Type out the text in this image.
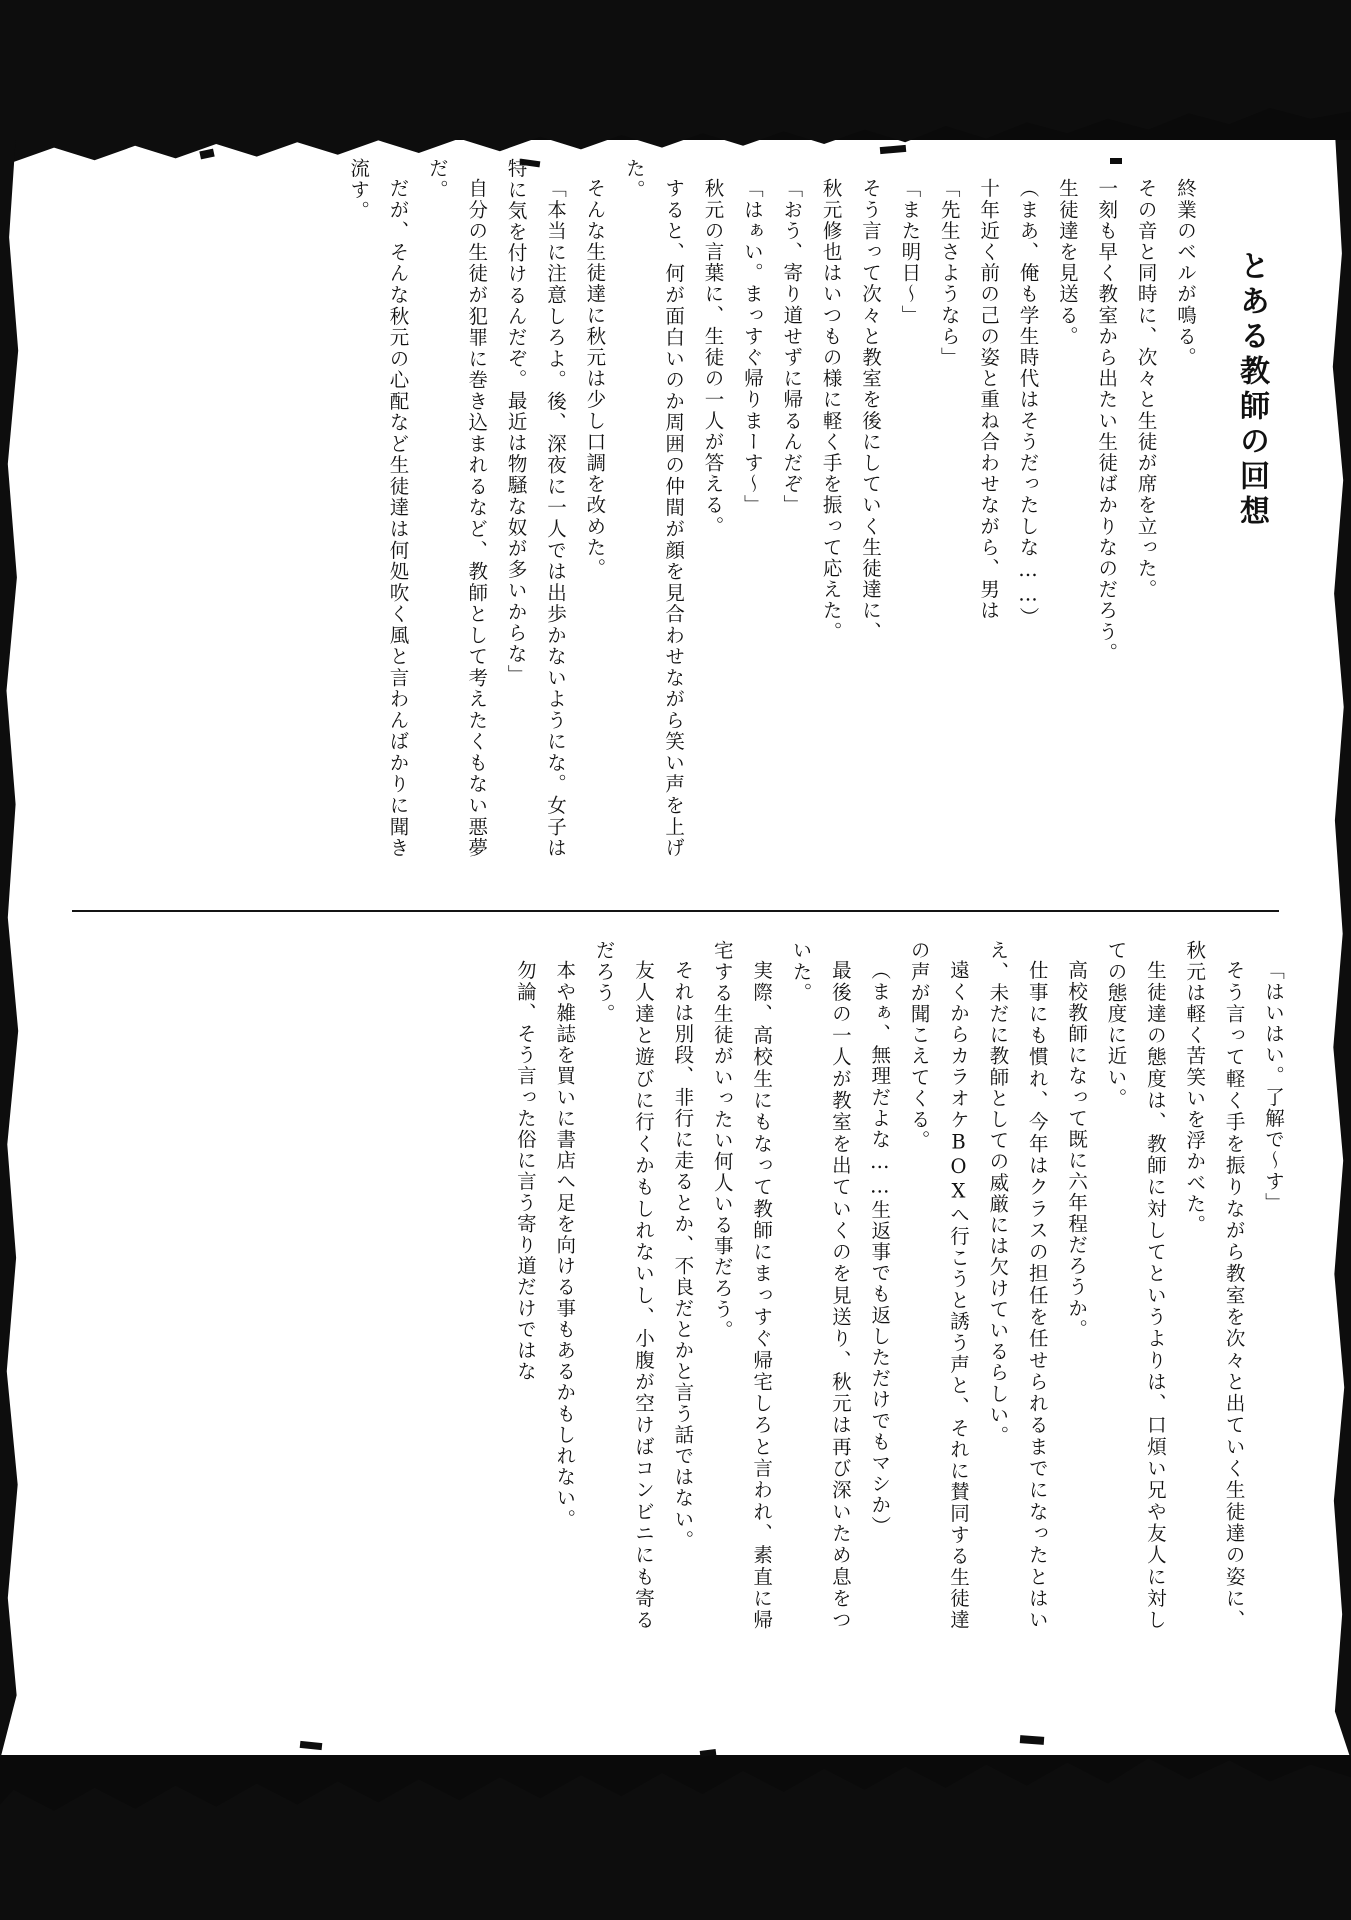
とある教師の回想
終業のベルが鳴る。
その音と同時に、次々と生徒が席を立った。
一刻も早く教室から出たい生徒ばかりなのだろう。
生徒達を見送る。
（まあ、俺も学生時代はそうだったしな……）
十年近く前の己の姿と重ね合わせながら、男は
「先生さようなら」
「また明日〜」
そう言って次々と教室を後にしていく生徒達に、
秋元修也はいつもの様に軽く手を振って応えた。
「おう、寄り道せずに帰るんだぞ」
「はぁい。まっすぐ帰りまーす〜」
秋元の言葉に、生徒の一人が答える。
すると、何が面白いのか周囲の仲間が顔を見合わせながら笑い声を上げた。
そんな生徒達に秋元は少し口調を改めた。
「本当に注意しろよ。後、深夜に一人では出歩かないようにな。女子は特に気を付けるんだぞ。最近は物騒な奴が多いからな」
自分の生徒が犯罪に巻き込まれるなど、教師として考えたくもない悪夢だ。
だが、そんな秋元の心配など生徒達は何処吹く風と言わんばかりに聞き流す。
「はいはい。了解で〜す」
そう言って軽く手を振りながら教室を次々と出ていく生徒達の姿に、秋元は軽く苦笑いを浮かべた。
生徒達の態度は、教師に対してというよりは、口煩い兄や友人に対しての態度に近い。
高校教師になって既に六年程だろうか。
仕事にも慣れ、今年はクラスの担任を任せられるまでになったとはいえ、未だに教師としての威厳には欠けているらしい。
遠くからカラオケBOXへ行こうと誘う声と、それに賛同する生徒達の声が聞こえてくる。
（まぁ、無理だよな……生返事でも返しただけでもマシか）
最後の一人が教室を出ていくのを見送り、秋元は再び深いため息をついた。
実際、高校生にもなって教師にまっすぐ帰宅しろと言われ、素直に帰宅する生徒がいったい何人いる事だろう。
それは別段、非行に走るとか、不良だとかと言う話ではない。
友人達と遊びに行くかもしれないし、小腹が空けばコンビニにも寄るだろう。
本や雑誌を買いに書店へ足を向ける事もあるかもしれない。
勿論、そう言った俗に言う寄り道だけではな
